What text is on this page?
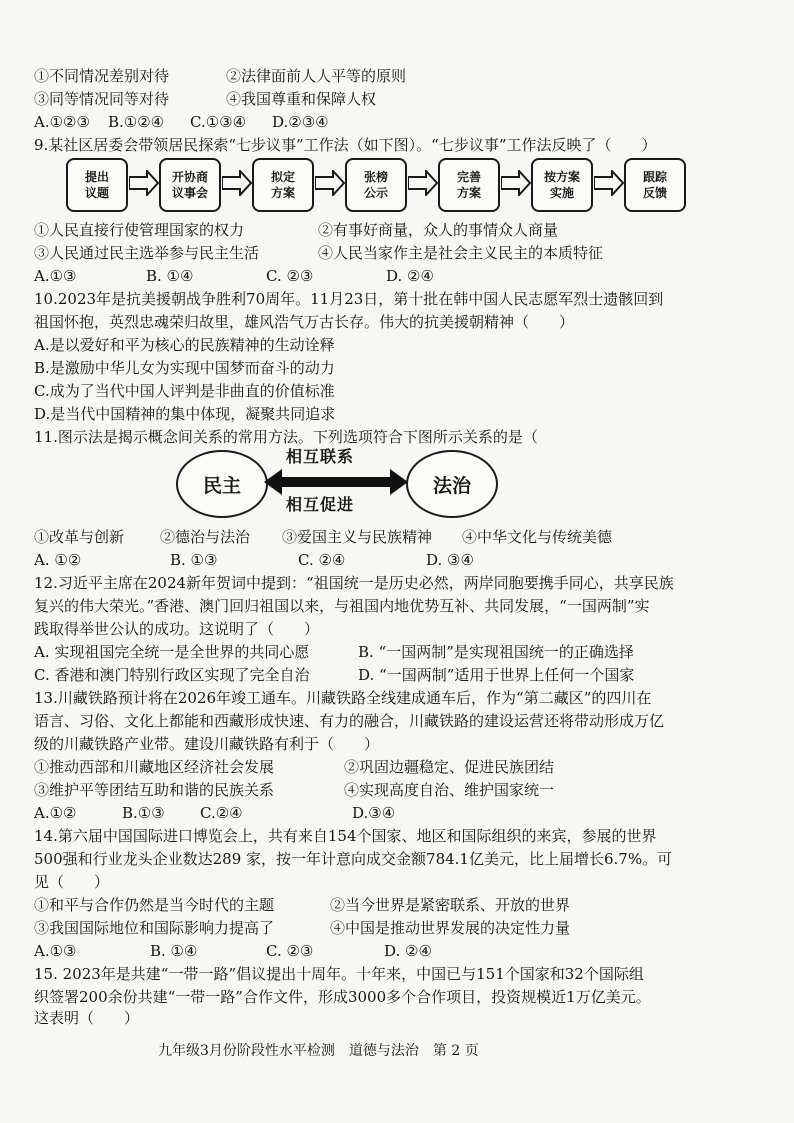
①不同情况差别对待	②法律面前人人平等的原则
③同等情况同等对待	④我国尊重和保障人权
A.①②③ B.①②④ C.①③④ D.②③④
9.某社区居委会带领居民探索“七步议事”工作法（如下图）。“七步议事”工作法反映了（　　）
提出
议题
开协商
议事会
拟定
方案
张榜
公示
完善
方案
按方案
实施
跟踪
反馈
①人民直接行使管理国家的权力	②有事好商量，众人的事情众人商量
③人民通过民主选举参与民主生活	④人民当家作主是社会主义民主的本质特征
A.①③	B. ①④	C. ②③	D. ②④
10.2023年是抗美援朝战争胜利70周年。11月23日，第十批在韩中国人民志愿军烈士遗骸回到
祖国怀抱，英烈忠魂荣归故里，雄风浩气万古长存。伟大的抗美援朝精神（　　）
A.是以爱好和平为核心的民族精神的生动诠释
B.是激励中华儿女为实现中国梦而奋斗的动力
C.成为了当代中国人评判是非曲直的价值标准
D.是当代中国精神的集中体现，凝聚共同追求
11.图示法是揭示概念间关系的常用方法。下列选项符合下图所示关系的是（
民主	法治
相互联系
相互促进
①改革与创新 ②德治与法治 ③爱国主义与民族精神 ④中华文化与传统美德
A. ①②	B. ①③	C. ②④	D. ③④
12.习近平主席在2024新年贺词中提到：“祖国统一是历史必然，两岸同胞要携手同心，共享民族
复兴的伟大荣光。”香港、澳门回归祖国以来，与祖国内地优势互补、共同发展，“一国两制”实
践取得举世公认的成功。这说明了（　　）
A. 实现祖国完全统一是全世界的共同心愿	B. “一国两制”是实现祖国统一的正确选择
C. 香港和澳门特别行政区实现了完全自治	D. “一国两制”适用于世界上任何一个国家
13.川藏铁路预计将在2026年竣工通车。川藏铁路全线建成通车后，作为“第二藏区”的四川在
语言、习俗、文化上都能和西藏形成快速、有力的融合，川藏铁路的建设运营还将带动形成万亿
级的川藏铁路产业带。建设川藏铁路有利于（　　）
①推动西部和川藏地区经济社会发展	②巩固边疆稳定、促进民族团结
③维护平等团结互助和谐的民族关系	④实现高度自治、维护国家统一
A.①②	B.①③ C.②④	D.③④
14.第六届中国国际进口博览会上，共有来自154个国家、地区和国际组织的来宾，参展的世界
500强和行业龙头企业数达289 家，按一年计意向成交金额784.1亿美元，比上届增长6.7%。可
见（　　）
①和平与合作仍然是当今时代的主题	②当今世界是紧密联系、开放的世界
③我国国际地位和国际影响力提高了	④中国是推动世界发展的决定性力量
A.①③	B. ①④	C. ②③	D. ②④
15. 2023年是共建“一带一路”倡议提出十周年。十年来，中国已与151个国家和32个国际组
织签署200余份共建“一带一路”合作文件，形成3000多个合作项目，投资规模近1万亿美元。
这表明（　　）
九年级3月份阶段性水平检测　道德与法治　第 2 页
